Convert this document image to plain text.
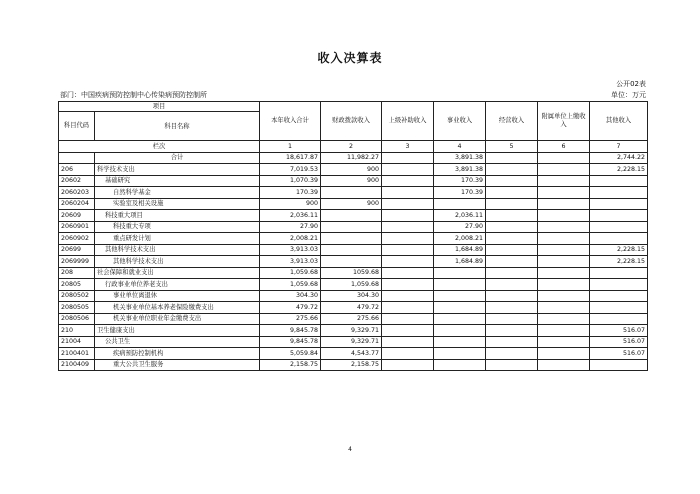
收入决算表
公开02表
部门：中国疾病预防控制中心传染病预防控制所	单位：万元
项目		本年收入合计	财政拨款收入	上级补助收入	事业收入	经营收入	附属单位上缴收入	其他收入
科目代码	科目名称							
栏次		1	2	3	4	5	6	7
	合计	18,617.87	11,982.27		3,891.38			2,744.22
206	科学技术支出	7,019.53	900		3,891.38			2,228.15
20602	基础研究	1,070.39	900		170.39			
2060203	自然科学基金	170.39			170.39			
2060204	实验室及相关设施	900	900					
20609	科技重大项目	2,036.11			2,036.11			
2060901	科技重大专项	27.90			27.90			
2060902	重点研发计划	2,008.21			2,008.21			
20699	其他科学技术支出	3,913.03			1,684.89			2,228.15
2069999	其他科学技术支出	3,913.03			1,684.89			2,228.15
208	社会保障和就业支出	1,059.68	1059.68					
20805	行政事业单位养老支出	1,059.68	1,059.68					
2080502	事业单位离退休	304.30	304.30					
2080505	机关事业单位基本养老保险缴费支出	479.72	479.72					
2080506	机关事业单位职业年金缴费支出	275.66	275.66					
210	卫生健康支出	9,845.78	9,329.71					516.07
21004	公共卫生	9,845.78	9,329.71					516.07
2100401	疾病预防控制机构	5,059.84	4,543.77					516.07
2100409	重大公共卫生服务	2,158.75	2,158.75					
4
